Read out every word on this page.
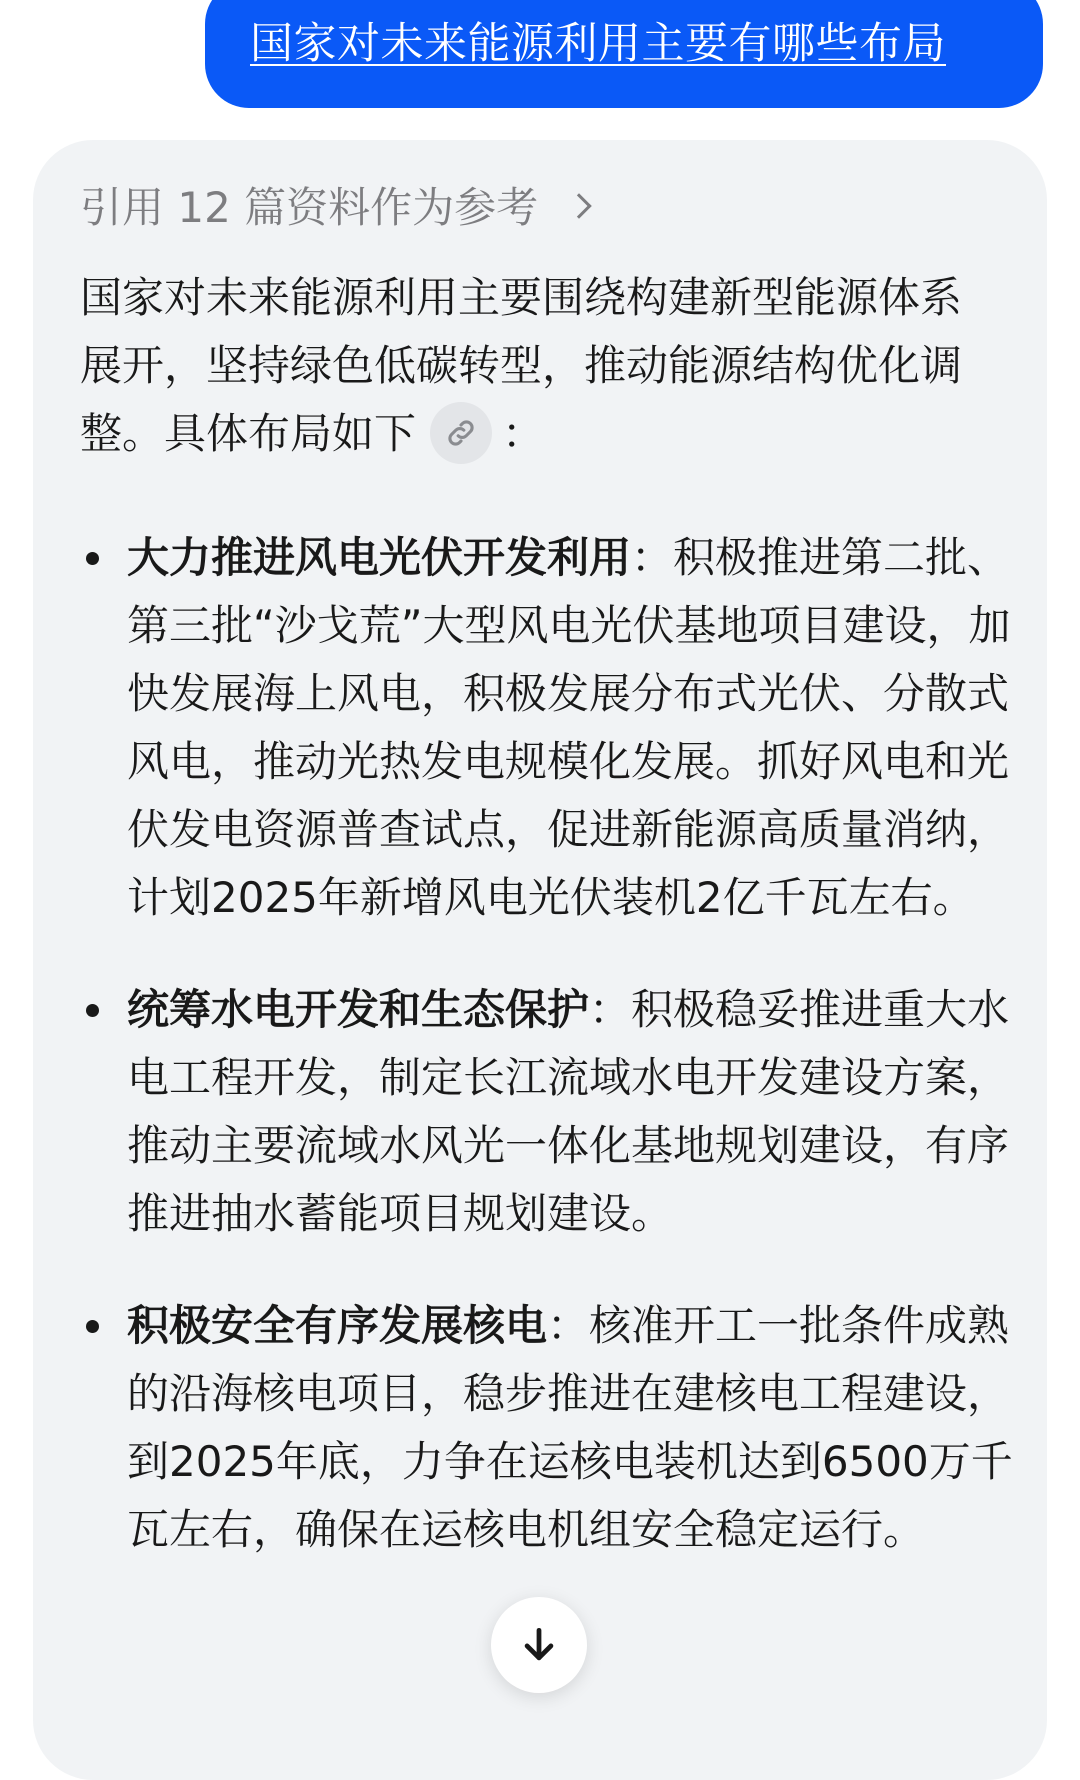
国家对未来能源利用主要有哪些布局
引用 12 篇资料作为参考
国家对未来能源利用主要围绕构建新型能源体系展开，坚持绿色低碳转型，推动能源结构优化调整。具体布局如下 ：
大力推进风电光伏开发利用：积极推进第二批、第三批“沙戈荒”大型风电光伏基地项目建设，加快发展海上风电，积极发展分布式光伏、分散式风电，推动光热发电规模化发展。抓好风电和光伏发电资源普查试点，促进新能源高质量消纳，计划2025年新增风电光伏装机2亿千瓦左右。
统筹水电开发和生态保护：积极稳妥推进重大水电工程开发，制定长江流域水电开发建设方案，推动主要流域水风光一体化基地规划建设，有序推进抽水蓄能项目规划建设。
积极安全有序发展核电：核准开工一批条件成熟的沿海核电项目，稳步推进在建核电工程建设，到2025年底，力争在运核电装机达到6500万千瓦左右，确保在运核电机组安全稳定运行。
